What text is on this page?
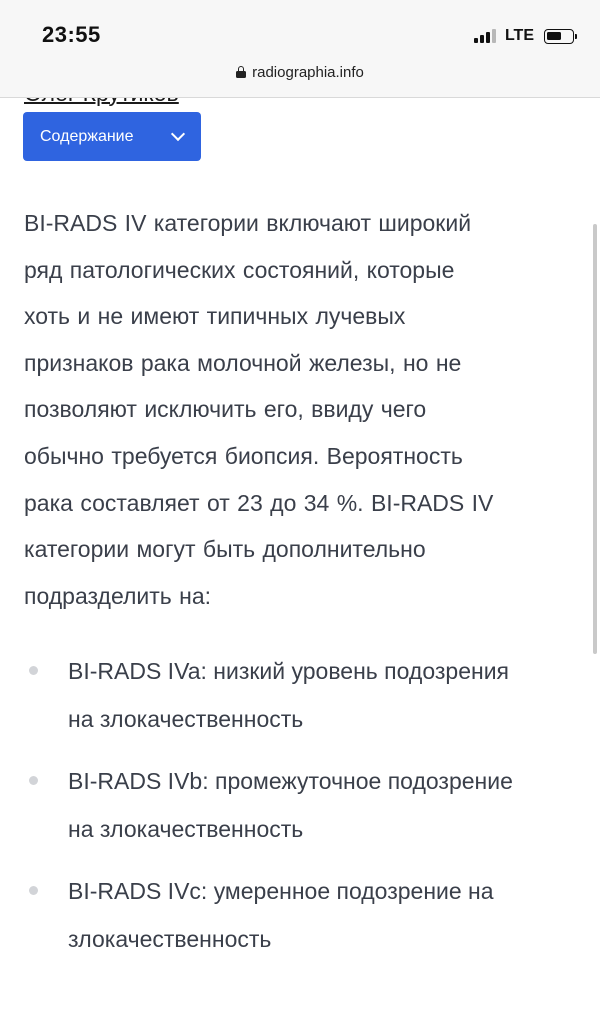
23:55	LTE
radiographia.info
Содержание

BI-RADS IV категории включают широкий
ряд патологических состояний, которые
хоть и не имеют типичных лучевых
признаков рака молочной железы, но не
позволяют исключить его, ввиду чего
обычно требуется биопсия. Вероятность
рака составляет от 23 до 34 %. BI-RADS IV
категории могут быть дополнительно
подразделить на:

BI-RADS IVa: низкий уровень подозрения
на злокачественность
BI-RADS IVb: промежуточное подозрение
на злокачественность
BI-RADS IVc: умеренное подозрение на
злокачественность
